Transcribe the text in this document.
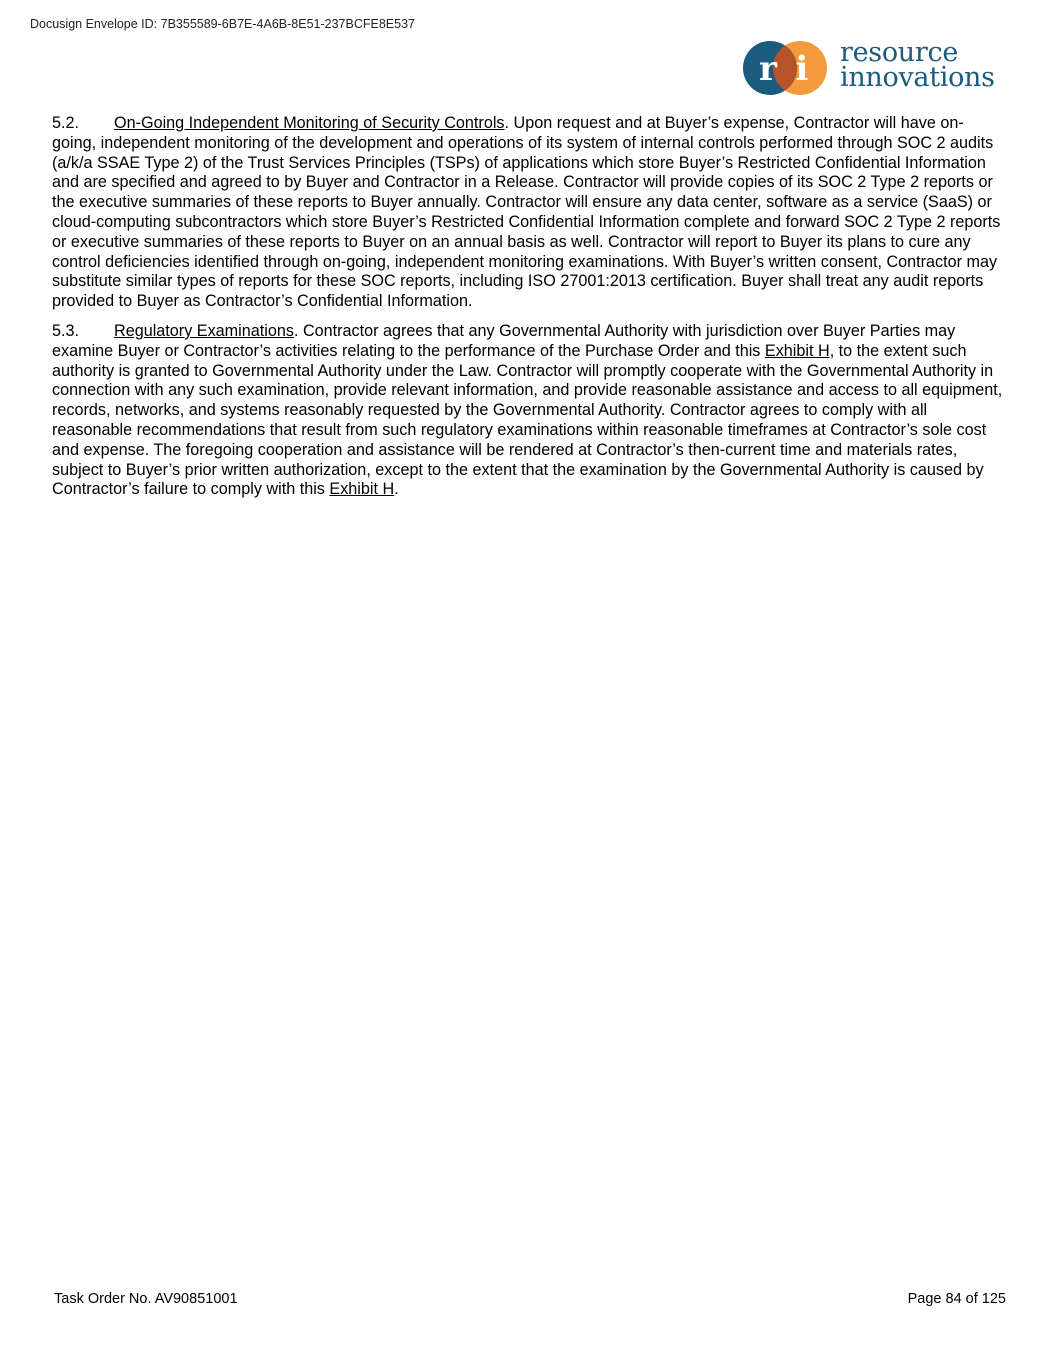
Docusign Envelope ID: 7B355589-6B7E-4A6B-8E51-237BCFE8E537
r i resource
innovations

5.2. On-Going Independent Monitoring of Security Controls. Upon request and at Buyer’s expense, Contractor will have on-going, independent monitoring of the development and operations of its system of internal controls performed through SOC 2 audits (a/k/a SSAE Type 2) of the Trust Services Principles (TSPs) of applications which store Buyer’s Restricted Confidential Information and are specified and agreed to by Buyer and Contractor in a Release. Contractor will provide copies of its SOC 2 Type 2 reports or the executive summaries of these reports to Buyer annually. Contractor will ensure any data center, software as a service (SaaS) or cloud-computing subcontractors which store Buyer’s Restricted Confidential Information complete and forward SOC 2 Type 2 reports or executive summaries of these reports to Buyer on an annual basis as well. Contractor will report to Buyer its plans to cure any control deficiencies identified through on-going, independent monitoring examinations. With Buyer’s written consent, Contractor may substitute similar types of reports for these SOC reports, including ISO 27001:2013 certification. Buyer shall treat any audit reports provided to Buyer as Contractor’s Confidential Information.

5.3. Regulatory Examinations. Contractor agrees that any Governmental Authority with jurisdiction over Buyer Parties may examine Buyer or Contractor’s activities relating to the performance of the Purchase Order and this Exhibit H, to the extent such authority is granted to Governmental Authority under the Law. Contractor will promptly cooperate with the Governmental Authority in connection with any such examination, provide relevant information, and provide reasonable assistance and access to all equipment, records, networks, and systems reasonably requested by the Governmental Authority. Contractor agrees to comply with all reasonable recommendations that result from such regulatory examinations within reasonable timeframes at Contractor’s sole cost and expense. The foregoing cooperation and assistance will be rendered at Contractor’s then-current time and materials rates, subject to Buyer’s prior written authorization, except to the extent that the examination by the Governmental Authority is caused by Contractor’s failure to comply with this Exhibit H.

Task Order No. AV90851001	Page 84 of 125
